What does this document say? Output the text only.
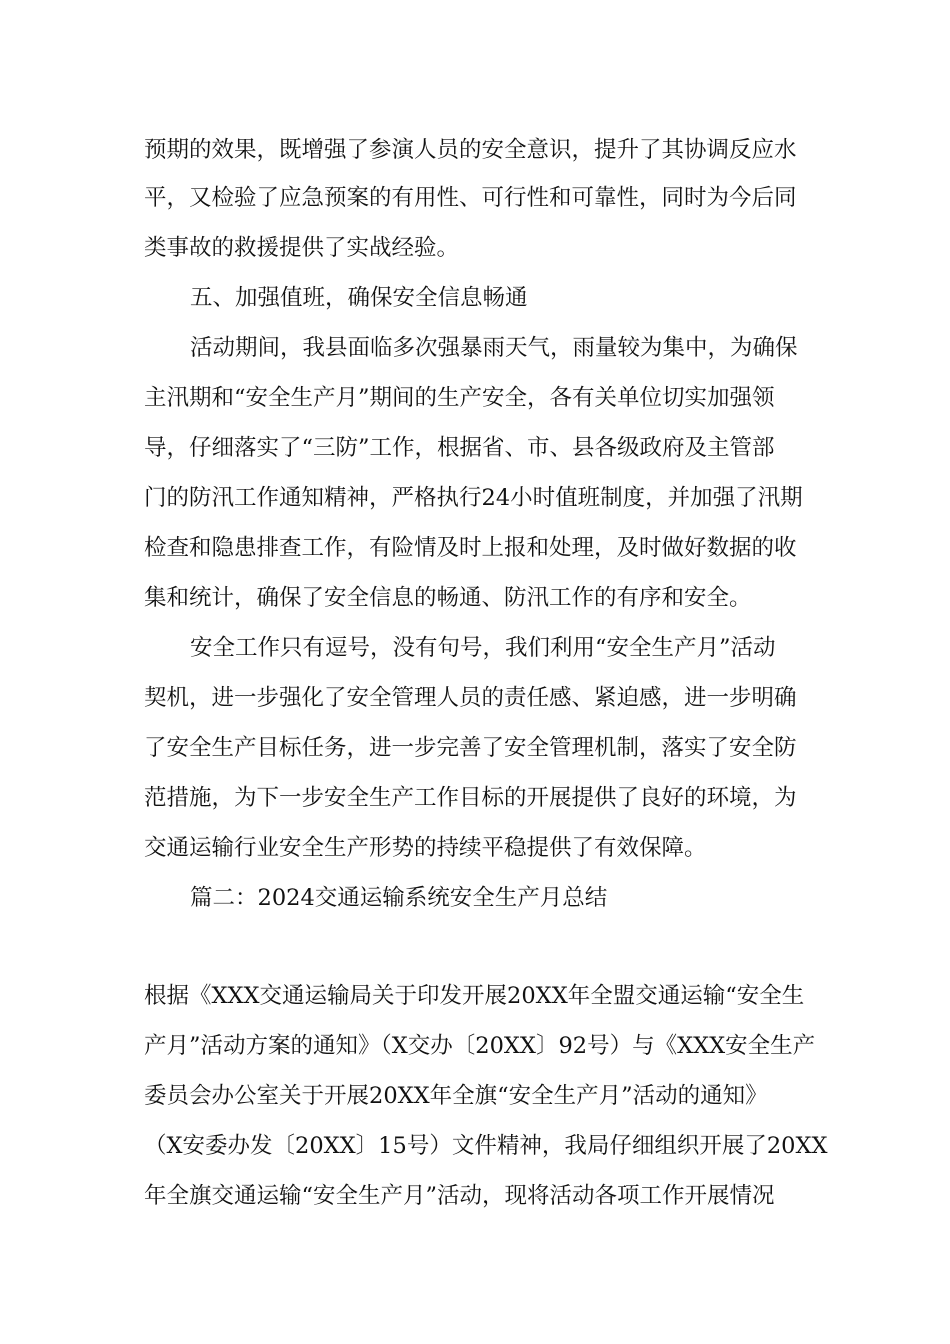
预期的效果，既增强了参演人员的安全意识，提升了其协调反应水
平，又检验了应急预案的有用性、可行性和可靠性，同时为今后同
类事故的救援提供了实战经验。
五、加强值班，确保安全信息畅通
活动期间，我县面临多次强暴雨天气，雨量较为集中，为确保
主汛期和“安全生产月”期间的生产安全，各有关单位切实加强领
导，仔细落实了“三防”工作，根据省、市、县各级政府及主管部
门的防汛工作通知精神，严格执行24小时值班制度，并加强了汛期
检查和隐患排查工作，有险情及时上报和处理，及时做好数据的收
集和统计，确保了安全信息的畅通、防汛工作的有序和安全。
安全工作只有逗号，没有句号，我们利用“安全生产月”活动
契机，进一步强化了安全管理人员的责任感、紧迫感，进一步明确
了安全生产目标任务，进一步完善了安全管理机制，落实了安全防
范措施，为下一步安全生产工作目标的开展提供了良好的环境，为
交通运输行业安全生产形势的持续平稳提供了有效保障。
篇二：2024交通运输系统安全生产月总结
根据《XXX交通运输局关于印发开展20XX年全盟交通运输“安全生
产月”活动方案的通知》（X交办〔20XX〕92号）与《XXX安全生产
委员会办公室关于开展20XX年全旗“安全生产月”活动的通知》
（X安委办发〔20XX〕15号）文件精神，我局仔细组织开展了20XX
年全旗交通运输“安全生产月”活动，现将活动各项工作开展情况
